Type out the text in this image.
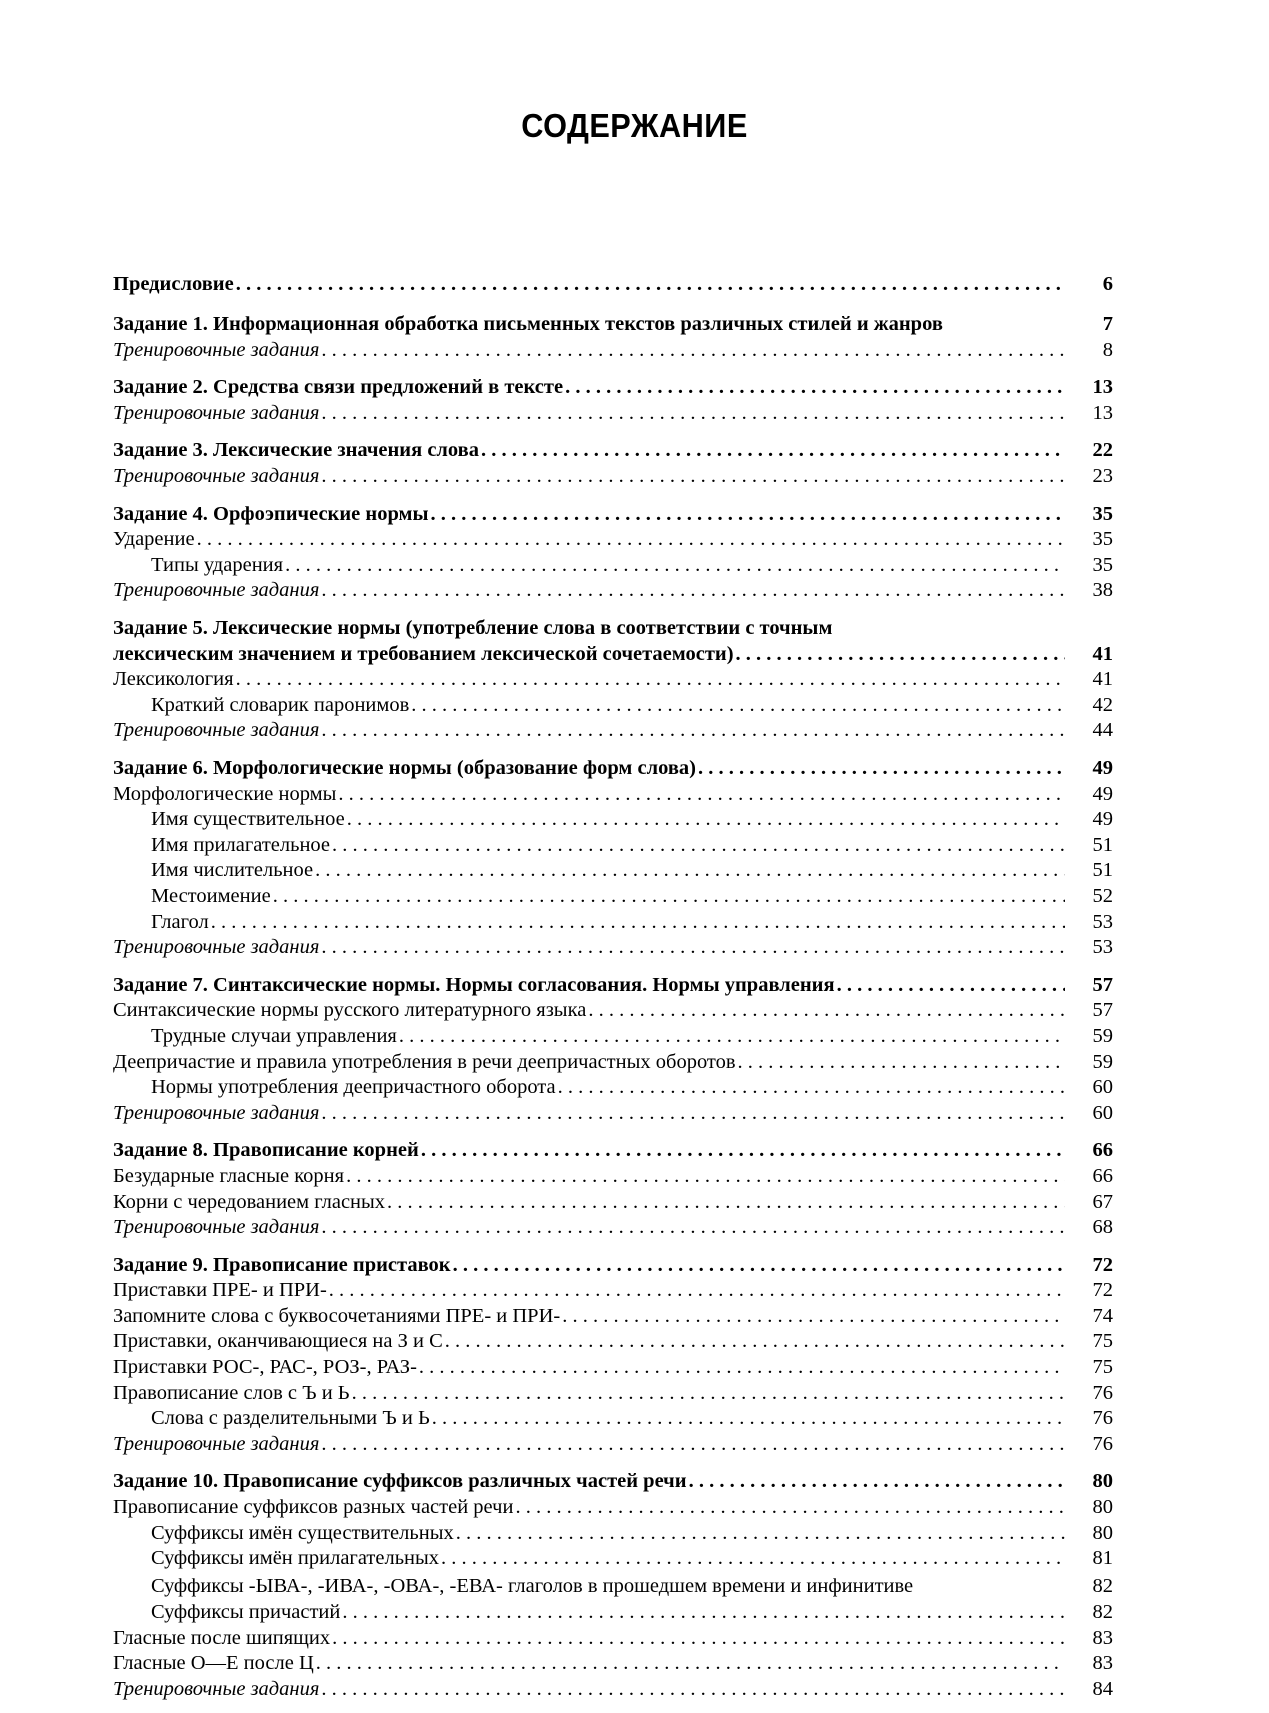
СОДЕРЖАНИЕ
Предисловие . . .	6
Задание 1. Информационная обработка письменных текстов различных стилей и жанров	7
Тренировочные задания . . .	8
Задание 2. Средства связи предложений в тексте . . .	13
Тренировочные задания . . .	13
Задание 3. Лексические значения слова . . .	22
Тренировочные задания . . .	23
Задание 4. Орфоэпические нормы . . .	35
Ударение . . .	35
Типы ударения . . .	35
Тренировочные задания . . .	38
Задание 5. Лексические нормы (употребление слова в соответствии с точным
лексическим значением и требованием лексической сочетаемости) . . .	41
Лексикология . . .	41
Краткий словарик паронимов . . .	42
Тренировочные задания . . .	44
Задание 6. Морфологические нормы (образование форм слова) . . .	49
Морфологические нормы . . .	49
Имя существительное . . .	49
Имя прилагательное . . .	51
Имя числительное . . .	51
Местоимение . . .	52
Глагол . . .	53
Тренировочные задания . . .	53
Задание 7. Синтаксические нормы. Нормы согласования. Нормы управления . . .	57
Синтаксические нормы русского литературного языка . . .	57
Трудные случаи управления . . .	59
Деепричастие и правила употребления в речи деепричастных оборотов . . .	59
Нормы употребления деепричастного оборота . . .	60
Тренировочные задания . . .	60
Задание 8. Правописание корней . . .	66
Безударные гласные корня . . .	66
Корни с чередованием гласных . . .	67
Тренировочные задания . . .	68
Задание 9. Правописание приставок . . .	72
Приставки ПРЕ- и ПРИ- . . .	72
Запомните слова с буквосочетаниями ПРЕ- и ПРИ- . . .	74
Приставки, оканчивающиеся на З и С . . .	75
Приставки РОС-, РАС-, РОЗ-, РАЗ- . . .	75
Правописание слов с Ъ и Ь . . .	76
Слова с разделительными Ъ и Ь . . .	76
Тренировочные задания . . .	76
Задание 10. Правописание суффиксов различных частей речи . . .	80
Правописание суффиксов разных частей речи . . .	80
Суффиксы имён существительных . . .	80
Суффиксы имён прилагательных . . .	81
Суффиксы -ЫВА-, -ИВА-, -ОВА-, -ЕВА- глаголов в прошедшем времени и инфинитиве	82
Суффиксы причастий . . .	82
Гласные после шипящих . . .	83
Гласные О—Е после Ц . . .	83
Тренировочные задания . . .	84
